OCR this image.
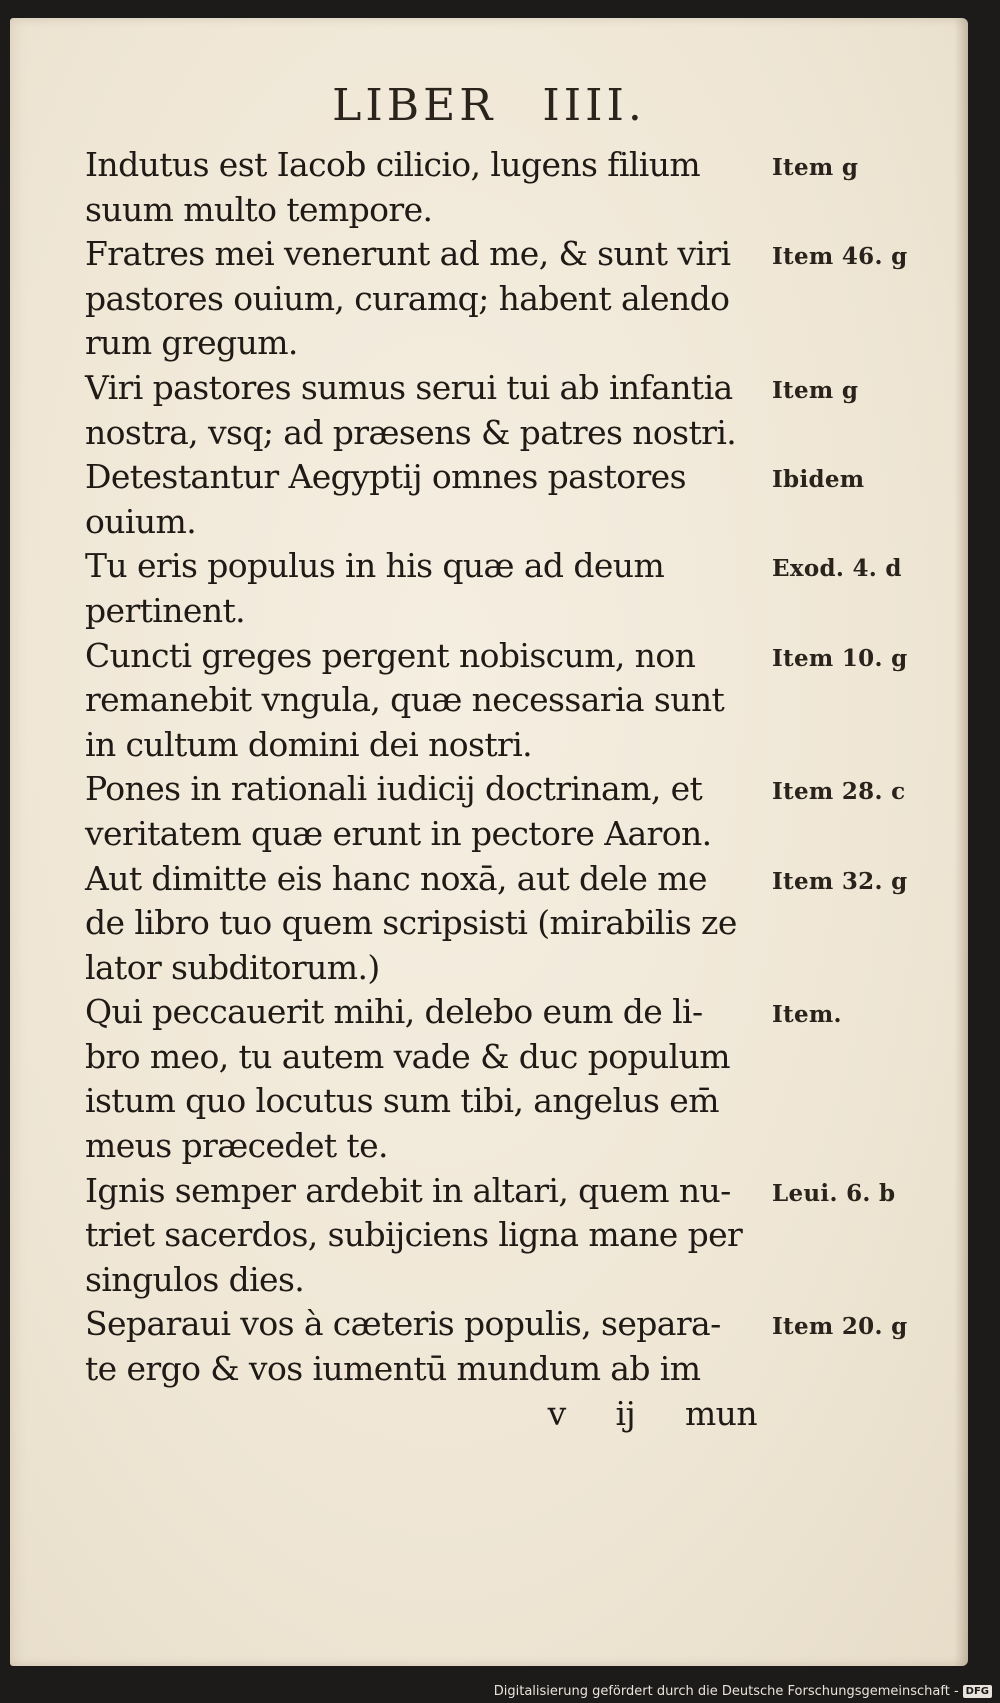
LIBER IIII.
Indutus est Iacob cilicio, lugens filium	Item g
suum multo tempore.
Fratres mei venerunt ad me, & sunt viri Item 46. g
pastores ouium, curamq; habent alendo
rum gregum.
Viri pastores sumus serui tui ab infantia Item g
nostra, vsq; ad præsens & patres nostri.
Detestantur Aegyptij omnes pastores	Ibidem
ouium.
Tu eris populus in his quæ ad deum	Exod. 4. d
pertinent.
Cuncti greges pergent nobiscum, non	Item 10. g
remanebit vngula, quæ necessaria sunt
in cultum domini dei nostri.
Pones in rationali iudicij doctrinam, et	Item 28. c
veritatem quæ erunt in pectore Aaron.
Aut dimitte eis hanc noxā, aut dele me	Item 32. g
de libro tuo quem scripsisti (mirabilis ze
lator subditorum.)
Qui peccauerit mihi, delebo eum de li-	Item.
bro meo, tu autem vade & duc populum
istum quo locutus sum tibi, angelus em̄
meus præcedet te.
Ignis semper ardebit in altari, quem nu- Leui. 6. b
triet sacerdos, subijciens ligna mane per
singulos dies.
Separaui vos à cæteris populis, separa- Item 20. g
te ergo & vos iumentū mundum ab im
v ij mun
Digitalisierung gefördert durch die Deutsche Forschungsgemeinschaft - DFG
